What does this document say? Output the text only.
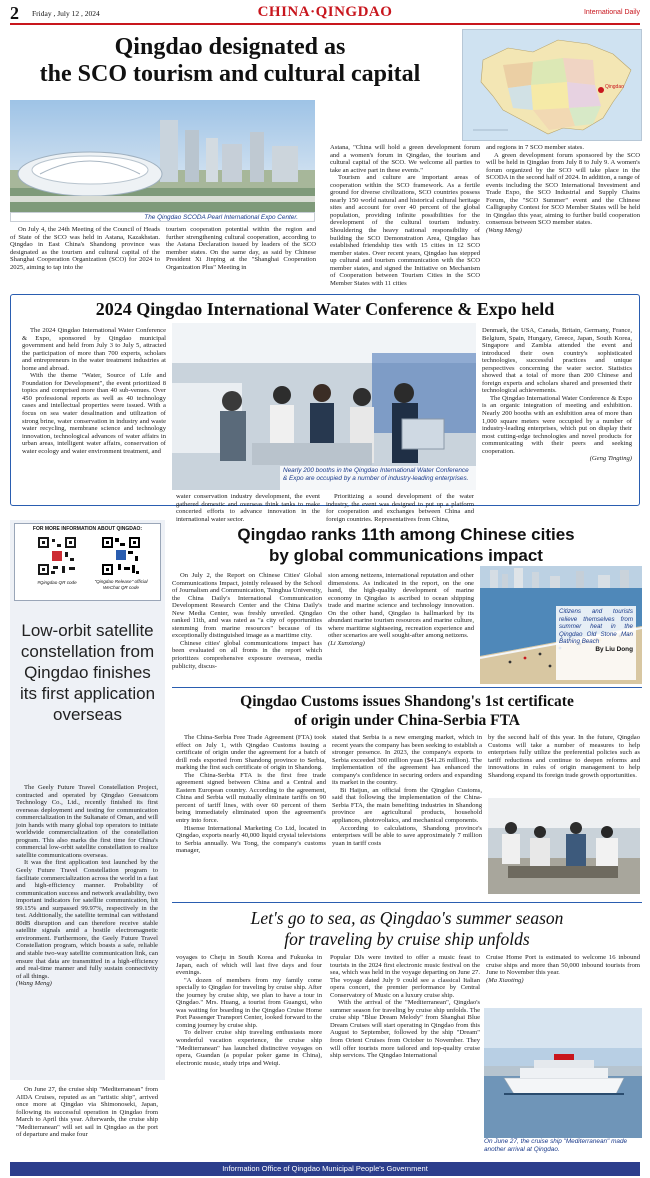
2 Friday , July 12 , 2024	CHINA·QINGDAO	International Daily
Qingdao designated as
the SCO tourism and cultural capital	Qingdao
The Qingdao SCODA Pearl International Expo Center.

On July 4, the 24th Meeting of the Council of Heads of State of the SCO was held in Astana, Kazakhstan. Qingdao in East China's Shandong province was designated as the tourism and cultural capital of the Shanghai Cooperation Organization (SCO) for 2024 to 2025, aiming to tap into the

tourism cooperation potential within the region and further strengthening cultural cooperation, according to the Astana Declaration issued by leaders of the SCO member states. On the same day, as said by Chinese President Xi Jinping at the "Shanghai Cooperation Organization Plus" Meeting in

Astana, "China will hold a green development forum and a women's forum in Qingdao, the tourism and cultural capital of the SCO. We welcome all parties to take an active part in these events."

Tourism and culture are important areas of cooperation within the SCO framework. As a fertile ground for diverse civilizations, SCO countries possess nearly 150 world natural and historical cultural heritage sites and account for over 40 percent of the global population, providing infinite possibilities for the development of the cultural tourism industry. Shouldering the heavy national responsibility of building the SCO Demonstration Area, Qingdao has established friendship ties with 15 cities in 12 SCO member states. Over recent years, Qingdao has stepped up cultural and tourism communication with the SCO member states, and signed the Initiative on Mechanism of Cooperation between Tourism Cities in the SCO Member States with 11 cities

and regions in 7 SCO member states.

A green development forum sponsored by the SCO will be held in Qingdao from July 8 to July 9. A women's forum organized by the SCO will take place in the SCODA in the second half of 2024. In addition, a range of events including the SCO International Investment and Trade Expo, the SCO Industrial and Supply Chains Forum, the "SCO Summer" event and the Chinese Calligraphy Contest for SCO Member States will be held in Qingdao this year, aiming to further build cooperation consensus between SCO member states.

(Wang Meng)

2024 Qingdao International Water Conference & Expo held

The 2024 Qingdao International Water Conference & Expo, sponsored by Qingdao municipal government and held from July 3 to July 5, attracted the participation of more than 700 experts, scholars and entrepreneurs in the water treatment industries at home and abroad.

With the theme "Water, Source of Life and Foundation for Development", the event prioritized 8 topics and comprised more than 40 sub-venues. Over 450 professional reports as well as 40 technology cases and intellectual properties were issued. With a focus on sea water desalination and utilization of strong brine, water conservation in industry and waste water recycling, membrane science and technology innovation, technological advances of water affairs in urban areas, intelligent water affairs, conservation of water ecology and water environment treatment, and

Nearly 200 booths in the Qingdao International Water Conference & Expo are occupied by a number of industry-leading enterprises.

water conservation industry development, the event gathered domestic and overseas think tanks to make concerted efforts to advance innovation in the international water sector.

Prioritizing a sound development of the water industry, the event was designed to put up a platform for cooperation and exchanges between China and foreign countries. Representatives from China,

Denmark, the USA, Canada, Britain, Germany, France, Belgium, Spain, Hungary, Greece, Japan, South Korea, Singapore and Zambia attended the event and introduced their own country's sophisticated technologies, successful practices and unique perspectives concerning the water sector. Statistics showed that a total of more than 200 Chinese and foreign experts and scholars shared and presented their technological achievements.

The Qingdao International Water Conference & Expo is an organic integration of meeting and exhibition. Nearly 200 booths with an exhibition area of more than 1,000 square meters were occupied by a number of industry-leading enterprises, which put on display their most cutting-edge technologies and novel products for communicating with their peers and seeking cooperation.

(Geng Tingting)

FOR MORE INFORMATION ABOUT QINGDAO:
#Qingdao QR code	"Qingdao Release" official WeChat QR code
Low-orbit satellite constellation from Qingdao finishes its first application overseas

The Geely Future Travel Constellation Project, contracted and operated by Qingdao Geesatcom Technology Co., Ltd., recently finished its first overseas deployment and testing for communication commercialization in the Sultanate of Oman, and will join hands with many global top operators to initiate worldwide commercialization of the constellation program. This also marks the first time for China's commercial low-orbit satellite constellation to realize satellite communications overseas.

It was the first application test launched by the Geely Future Travel Constellation program to facilitate commercialization across the world in a fast and high-efficiency manner. Probability of communication success and network availability, two important indicators for satellite communication, hit 99.15% and surpassed 99.97%, respectively in the test. Additionally, the satellite terminal can withstand 80dB disruption and can therefore receive stable satellite signals amid a hostile electromagnetic environment. Furthermore, the Geely Future Travel Constellation program, which boasts a safe, reliable and stable two-way satellite communication link, can ensure that data are transmitted in a high-efficiency and real-time manner and fully sustain connectivity of all things.

(Wang Meng)

Qingdao ranks 11th among Chinese cities
by global communications impact

On July 2, the Report on Chinese Cities' Global Communications Impact, jointly released by the School of Journalism and Communication, Tsinghua University, the China Daily's International Communication Development Research Center and the China Daily's New Media Center, was freshly unveiled. Qingdao ranked 11th, and was rated as "a city of opportunities stemming from marine resources" because of its exceptionally distinguished image as a maritime city.

Chinese cities' global communications impact has been evaluated on all fronts in the report which prioritizes comprehensive exposure overseas, media publicity, discus-

sion among netizens, international reputation and other dimensions. As indicated in the report, on the one hand, the high-quality development of marine economy in Qingdao is ascribed to ocean shipping trade and marine science and technology innovation. On the other hand, Qingdao is hallmarked by its abundant marine tourism resources and marine culture, where maritime sightseeing, recreation experience and other scenarios are well sought-after among netizens.

(Li Xunxiang)

Citizens and tourists relieve themselves from summer heat in the Qingdao Old Stone Man Bathing Beach
By Liu Dong
Qingdao Customs issues Shandong's 1st certificate
of origin under China-Serbia FTA

The China-Serbia Free Trade Agreement (FTA) took effect on July 1, with Qingdao Customs issuing a certificate of origin under the agreement for a batch of drill rods exported from Shandong province to Serbia, marking the first such certificate of origin in Shandong.

The China-Serbia FTA is the first free trade agreement signed between China and a Central and Eastern European country. According to the agreement, China and Serbia will mutually eliminate tariffs on 90 percent of tariff lines, with over 60 percent of them being immediately eliminated upon the agreement's entry into force.

Hisense International Marketing Co Ltd, located in Qingdao, exports nearly 40,000 liquid crystal televisions to Serbia annually. Wu Tong, the company's customs manager,

stated that Serbia is a new emerging market, which in recent years the company has been seeking to establish a stronger presence. In 2023, the company's exports to Serbia exceeded 300 million yuan ($41.26 million). The implementation of the agreement has enhanced the company's confidence in securing orders and expanding its market in the country.

Bi Haijun, an official from the Qingdao Customs, said that following the implementation of the China-Serbia FTA, the main benefiting industries in Shandong province are agricultural products, household appliances, photovoltaics, and mechanical components.

According to calculations, Shandong province's enterprises will be able to save approximately 7 million yuan in tariff costs

by the second half of this year. In the future, Qingdao Customs will take a number of measures to help enterprises fully utilize the preferential policies such as tariff reductions and continue to deepen reforms and innovations in rules of origin management to help Shandong expand its foreign trade growth opportunities.

Let's go to sea, as Qingdao's summer season
for traveling by cruise ship unfolds

On June 27, the cruise ship "Mediterranean" from AIDA Cruises, reputed as an "artistic ship", arrived once more at Qingdao via Shimonoseki, Japan, following its successful operation in Qingdao from March to April this year. Afterwards, the cruise ship "Mediterranean" will set sail in Qingdao as the port of departure and make four

voyages to Cheju in South Korea and Fukuoka in Japan, each of which will last five days and four evenings.

"A dozen of members from my family come specially to Qingdao for traveling by cruise ship. After the journey by cruise ship, we plan to have a tour in Qingdao." Mrs. Huang, a tourist from Guangxi, who was waiting for boarding in the Qingdao Cruise Home Port Passenger Transport Center, looked forward to the coming journey by cruise ship.

To deliver cruise ship traveling enthusiasts more wonderful vacation experience, the cruise ship "Mediterranean" has launched distinctive voyages on opera, Guandan (a popular poker game in China), electronic music, study trips and Weiqi.

Popular DJs were invited to offer a music feast to tourists in the 2024 first electronic music festival on the sea, which was held in the voyage departing on June 27. The voyage dated July 9 could see a classical Italian opera concert, the premier performance by Central Conservatory of Music on a luxury cruise ship.

With the arrival of the "Mediterranean", Qingdao's summer season for traveling by cruise ship unfolds. The cruise ship "Blue Dream Melody" from Shanghai Blue Dream Cruises will start operating in Qingdao from this August to September, followed by the ship "Dream" from Orient Cruises from October to November. They will offer tourists more tailored and top-quality cruise ship services. The Qingdao International

Cruise Home Port is estimated to welcome 16 inbound cruise ships and more than 50,000 inbound tourists from June to November this year.

(Ma Xiaoting)

On June 27, the cruise ship "Mediterranean" made another arrival at Qingdao.
Information Office of Qingdao Municipal People's Government
